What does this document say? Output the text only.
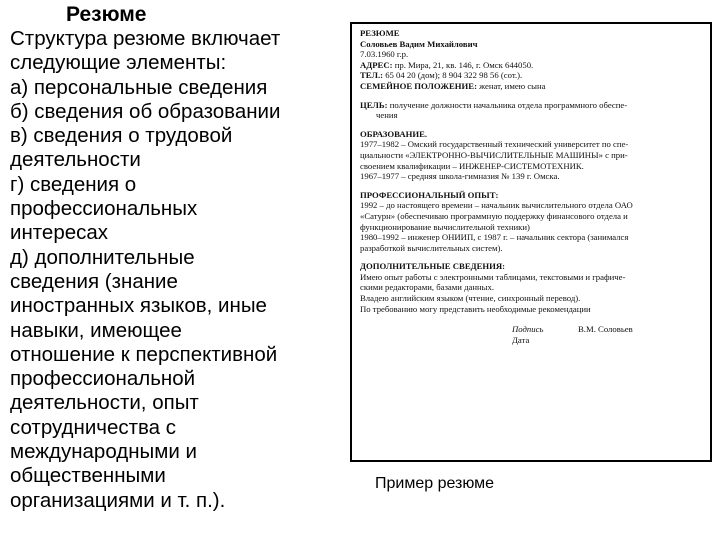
Резюме
Структура резюме включает
следующие элементы:
а) персональные сведения
б) сведения об образовании
в) сведения о трудовой
деятельности
г) сведения о
профессиональных
интересах
д) дополнительные
сведения (знание
иностранных языков, иные
навыки, имеющее
отношение к перспективной
профессиональной
деятельности, опыт
сотрудничества с
международными и
общественными
организациями и т. п.).
РЕЗЮМЕ
Соловьев Вадим Михайлович
7.03.1960 г.р.
АДРЕС: пр. Мира, 21, кв. 146, г. Омск 644050.
ТЕЛ.: 65 04 20 (дом); 8 904 322 98 56 (сот.).
СЕМЕЙНОЕ ПОЛОЖЕНИЕ: женат, имею сына
ЦЕЛЬ: получение должности начальника отдела программного обеспе-
чения
ОБРАЗОВАНИЕ.
1977–1982 – Омский государственный технический университет по спе-
циальности «ЭЛЕКТРОННО-ВЫЧИСЛИТЕЛЬНЫЕ МАШИНЫ» с при-
своением квалификации – ИНЖЕНЕР-СИСТЕМОТЕХНИК.
1967–1977 – средняя школа-гимназия № 139 г. Омска.
ПРОФЕССИОНАЛЬНЫЙ ОПЫТ:
1992 – до настоящего времени – начальник вычислительного отдела ОАО
«Сатурн» (обеспечиваю программную поддержку финансового отдела и
функционирование вычислительной техники)
1980–1992 – инженер ОНИИП, с 1987 г. – начальник сектора (занимался
разработкой вычислительных систем).
ДОПОЛНИТЕЛЬНЫЕ СВЕДЕНИЯ:
Имею опыт работы с электронными таблицами, текстовыми и графиче-
скими редакторами, базами данных.
Владею английским языком (чтение, синхронный перевод).
По требованию могу представить необходимые рекомендации
Подпись	В.М. Соловьев
Дата
Пример резюме
